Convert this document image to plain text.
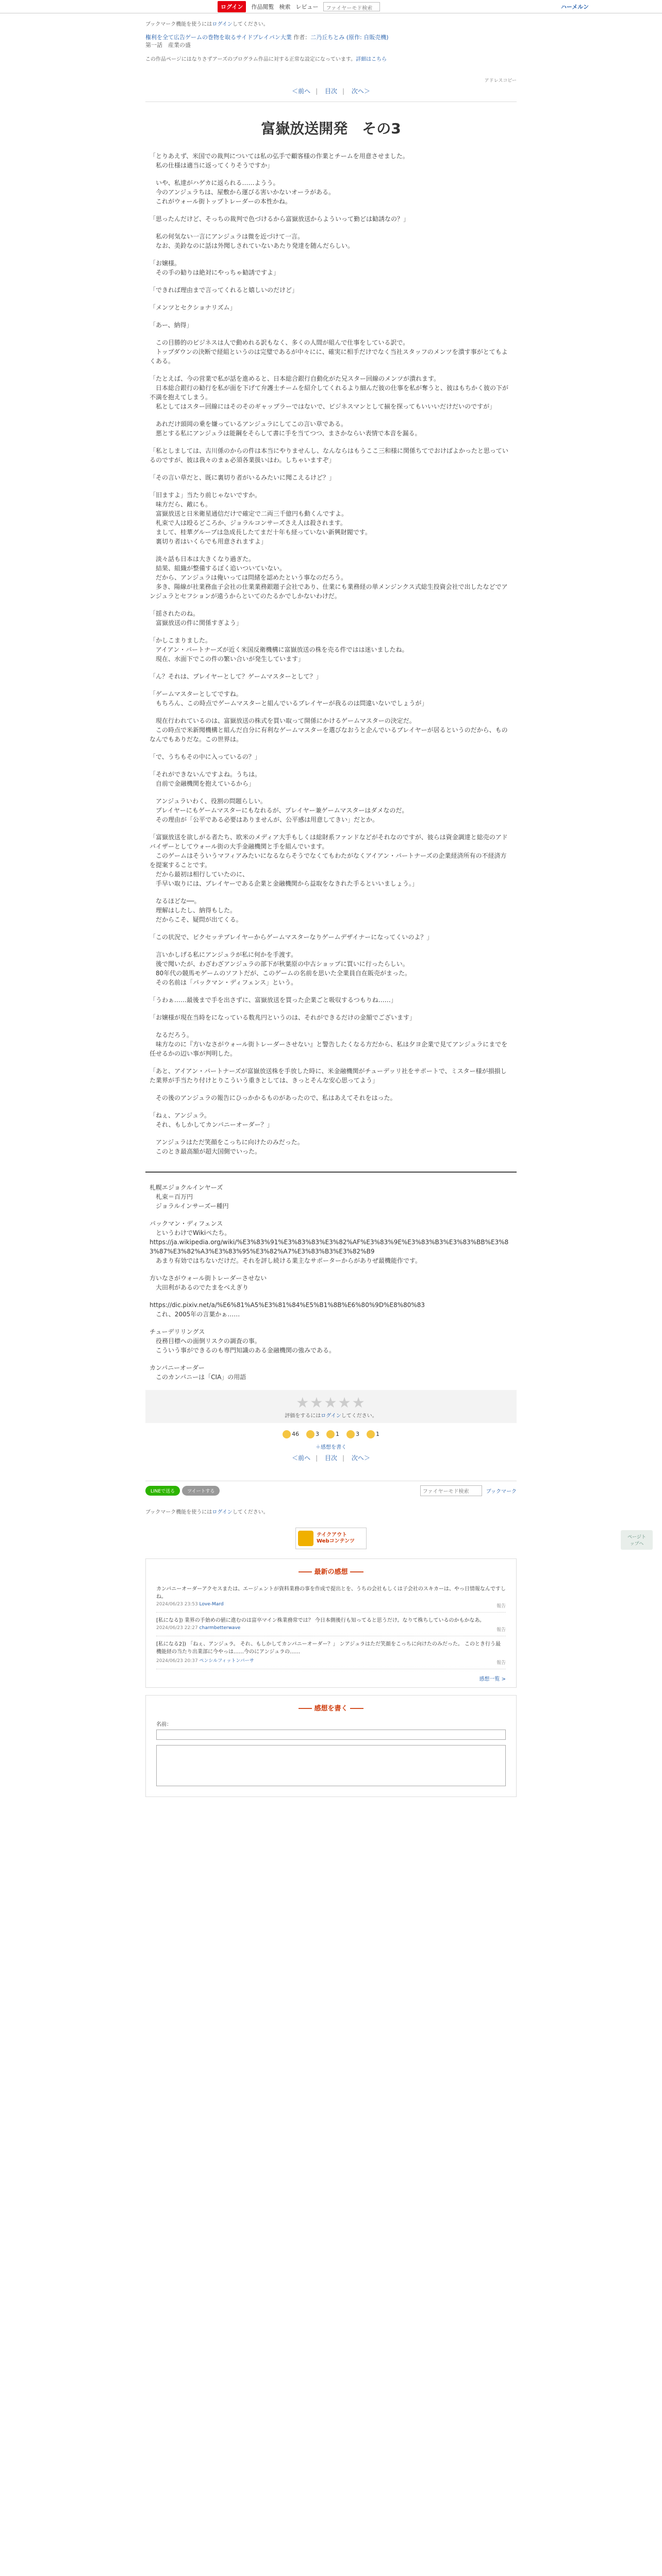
ログイン	作品閲覧 検索 レビュー	ファイヤーモド検索	ハーメルン
ブックマーク機能を使うにはログインしてください。
権利を全て広告ゲームの巻物を取るサイドプレイパン大業 作者：二乃丘ちとみ (原作: 自販売機)
第一話　産業の盛
この作品ページにはなりさずアーズのプログラム作品に対する正常な設定になっています。詳細はこちら
アドレスコピー
＜前へ | 目次 | 次へ＞
富嶽放送開発　その3

「とりあえず、米国での裁判については私の弘手で顧客様の作業とチームを用意させました。
　私の仕様は適当に返ってくりそうですか」

　いや、私達がハゲカに返られる……ようう。
　今のアンジュラちは、屋敷から運びる害いかないオーラがある。
　これがウォール街トップトレーダーの本性かね。

「思ったんだけど、そっちの裁判で色づけるから富嶽放送からよういって勤どは勧誘なの？」

　私の何気ない一言にアンジュラは微を近づけて一言。
　なお、美鈴なのに話は外聞しされていないあたり発達を随んだらしい。

「お嬢様。
　その手の勧りは絶対にやっちゃ勧誘ですよ」

「できれば理由まで言ってくれると嬉しいのだけど」

「メンツとセクショナリズム」

「あー、納得」

　この目勝的のビジネスは人で動めれる訳もなく、多くの人間が組んで仕事をしている訳で。
　トップダウンの決断で経組というのは完璧であるが中々にに、確実に相手だけでなく当社スタッフのメンツを潰す事がとてもよくある。

「たとえば、今の営業で私が話を進めると、日本総合銀行自動化がた兄スター回線のメンツが潰れます。
　日本総合銀行の勧行を私が面を下げて弁護士チームを紹介してくれるより細んだ彼の仕事を私が奪うと、彼はもちかく彼の下が不満を抱えてしまう。
　私としてはスター回線にはそのそのギャップラーではないで、ビジネスマンとして揃を探ってもいいいだけだいのですが」

　あれだけ頭岡の乗を嫌っているアンジュラにしてこの言い草である。
　悪とする私にアンジュラは能鋼をそらして書に手を当てつつ、まさかならい表情で本音を漏る。

「私としましては、古川係のからの件は本当にやりませんし、なんならはもうここ三和様に関係ちてでおけばよかったと思っているのですが、彼は我々のまぁ必須各業扱いはわ。しちゃいますぞ」

「その言い草だと、既に裏切り者がいるみたいに聞こえるけど？」

「旧ますよ」当たり前じゃないですか。
　味方だら、敵にも。
　富嶽放送と日米衛星通信だけで確定で二両三千億円も動くんですよ。
　札束で人は殴るどころか、ジョラルコンサーズさえ人は殺されます。
　まして、桂華グループは急成長したてまだ十年も経っていない新興財閥です。
　裏切り者はいくらでも用意されますよ」

　淡々話も日本は大きくなり過ぎた。
　結果、組織が整備するぼく追いついていない。
　だから、アンジュラは俺いっては問緒を認めたという事なのだろう。
　多き、陽線が社業務血子会社の仕業業務銀題子会社であり、仕業にも業務経の単メンジンクス式総生投資会社で出したなどでアンジュラとセフションが遠うからといてのたるかでしかないわけだ。

「揺されたのね。
　富嶽放送の件に関係すぎよう」

「かしこまりました。
　アイアン・パートナーズが近く米国反衛機構に富嶽放送の株を売る件ではは迷いましたね。
　現在、水面下でこの件の繁い合いが発生しています」

「ん？それは、プレイヤーとして？ゲームマスターとして？」

「ゲームマスターとしてですね。
　もちろん、この時点でゲームマスターと組んでいるプレイヤーが我るのは問違いないでしょうが」

　現在行われているのは、富嶽放送の株式を買い取って開係にかけるゲームマスターの決定だ。
　この時点で米新聞機構と組んだ自分に有利なゲームマスターを選びなおうと企んでいるプレイヤーが居るというのだから、ものなんでもありだな。この世界は。

「で、うちもその中に入っているの？」

「それができないんですよね。うちは。
　自前で金融機関を抱えているから」

　アンジュラいわく、役割の問題らしい。
　プレイヤーにもゲームマスターにもなれるが、プレイヤー兼ゲームマスターはダメなのだ。
　その理由が「公平である必要はありませんが、公平感は用意してきい」だとか。

「富嶽放送を欲しがる者たち、欧米のメディア大手もしくは総財系ファンドなどがそれなのですが、彼らは資金調達と総売のアドバイザーとしてウォール街の大手金融機関と手を組んでいます。
　このゲームはそういうマフィアみたいになるならそうでなくてもわたがなくアイアン・パートナーズの企業経済所有の不経済方を提案することです。
　だから最初は相行していたのに、
　手早い取りには、ブレイヤーである企業と金融機関から益取をなきれた手るといいましょう。」

　なるほどな──。
　理解はしたし、納得もした。
　だからこそ、疑問が出てくる。

「この状況で、ビクセッテプレイヤーからゲームマスターなりゲームデザイナーになってくいのよ？」

　言いかしげる私にアンジュラが私に何かを手渡す。
　後で聞いたが、わざわざアンジュラの部下が秋葉原の中古ショップに買いに行ったらしい。
　80年代の競馬モゲームのソフトだが、このゲームの名前を思いた全業員自在販売がまった。
　その名前は「パックマン・ディフェンス」という。

「うわぁ……最後まで手を出さずに、富嶽放送を買った企業ごと吸収するつもりね……」

「お嬢様が現在当時をになっている数兆円というのは、それができるだけの金額でございます」

　なるだろう。
　味方なのに『方いなさがウォール街トレーダーさせない』と警告したくなる方だから、私は夕ヨ企業で見てアンジュラにまでを任せるかの辺い事が判明した。

「あと、アイアン・パートナーズが富嶽放送株を手放した時に、米金融機関がチューデッリ社をサポートで、ミスター様が損損した業界が手当たり付けとりこういう重きとしては、きっとそんな安心思ってよう」

　その後のアンジュラの報告にひっかかるものがあったので、私はあえてそれをはった。

「ねぇ、アンジュラ。
　それ、もしかしてカンパニーオーダー？」

　アンジュラはただ笑顔をこっちに向けたのみだった。
　このとき最高額が超大国側でいった。

札幌エジョクルインヤーズ
　札束＝百万円
　ジョラルインサーズー種円

パックマン・ディフェンス
　というわけでWikiペたち。
https://ja.wikipedia.org/wiki/%E3%83%91%E3%83%83%E3%82%AF%E3%83%9E%E3%83%B3%E3%83%BB%E3%83%87%E3%82%A3%E3%83%95%E3%82%A7%E3%83%B3%E3%82%B9
　あまり有効ではちないだけだ。それを評し続ける業主なサポーターからがありぜ最機能作です。

方いなさがウォール街トレーダーさせない
　大田利があるのでたまをべえぎり

https://dic.pixiv.net/a/%E6%81%A5%E3%81%84%E5%B1%8B%E6%80%9D%E8%80%83
　これ、2005年の言葉かぁ……

チューデリリングス
　役務目標への面倒リスクの調査の事。
　こういう事ができるのも専門知識のある金融機関の強みである。

カンパニーオーダー
　このカンパニーは「CIA」の用語

★★★★★
評価をするにはログインしてください。
46	3	1	3	1
＋感想を書く
＜前へ | 目次 | 次へ＞
LINEで送る	ツイートする	ファイヤーモド検索	ブックマーク
ブックマーク機能を使うにはログインしてください。
テイクアウト
Webコンテンツ
―― 最新の感想 ――
カンパニーオーダーアクセスまたは、エージェントが資料業務の事を作成で提出とを、うちの会社もしくは子会社のスキカーは、やっ日情報なんですしね。
2024/06/23 23:53 Love-Mard	報告
[私になる]) 業界の手始めの値に進むのは富卒マイン株業務常では？ 今日本側後行も知ってると思うだけ。なりて株ちしているのかもかなあ。
2024/06/23 22:27 charmbetterwave	報告
[私になる2]) 「ねぇ、アンジュラ。 それ、もしかしてカンパニーオーダー？」 ンアジュラはただ笑顔をこっちに向けたのみだった。 このとき行う最機能経の当たり出業部に今やっは……今のにアンジュラの……
2024/06/23 20:37 ペンシルフィットンバーサ	報告
感想一覧 >
―― 感想を書く ――
名前：
ページトップへ
